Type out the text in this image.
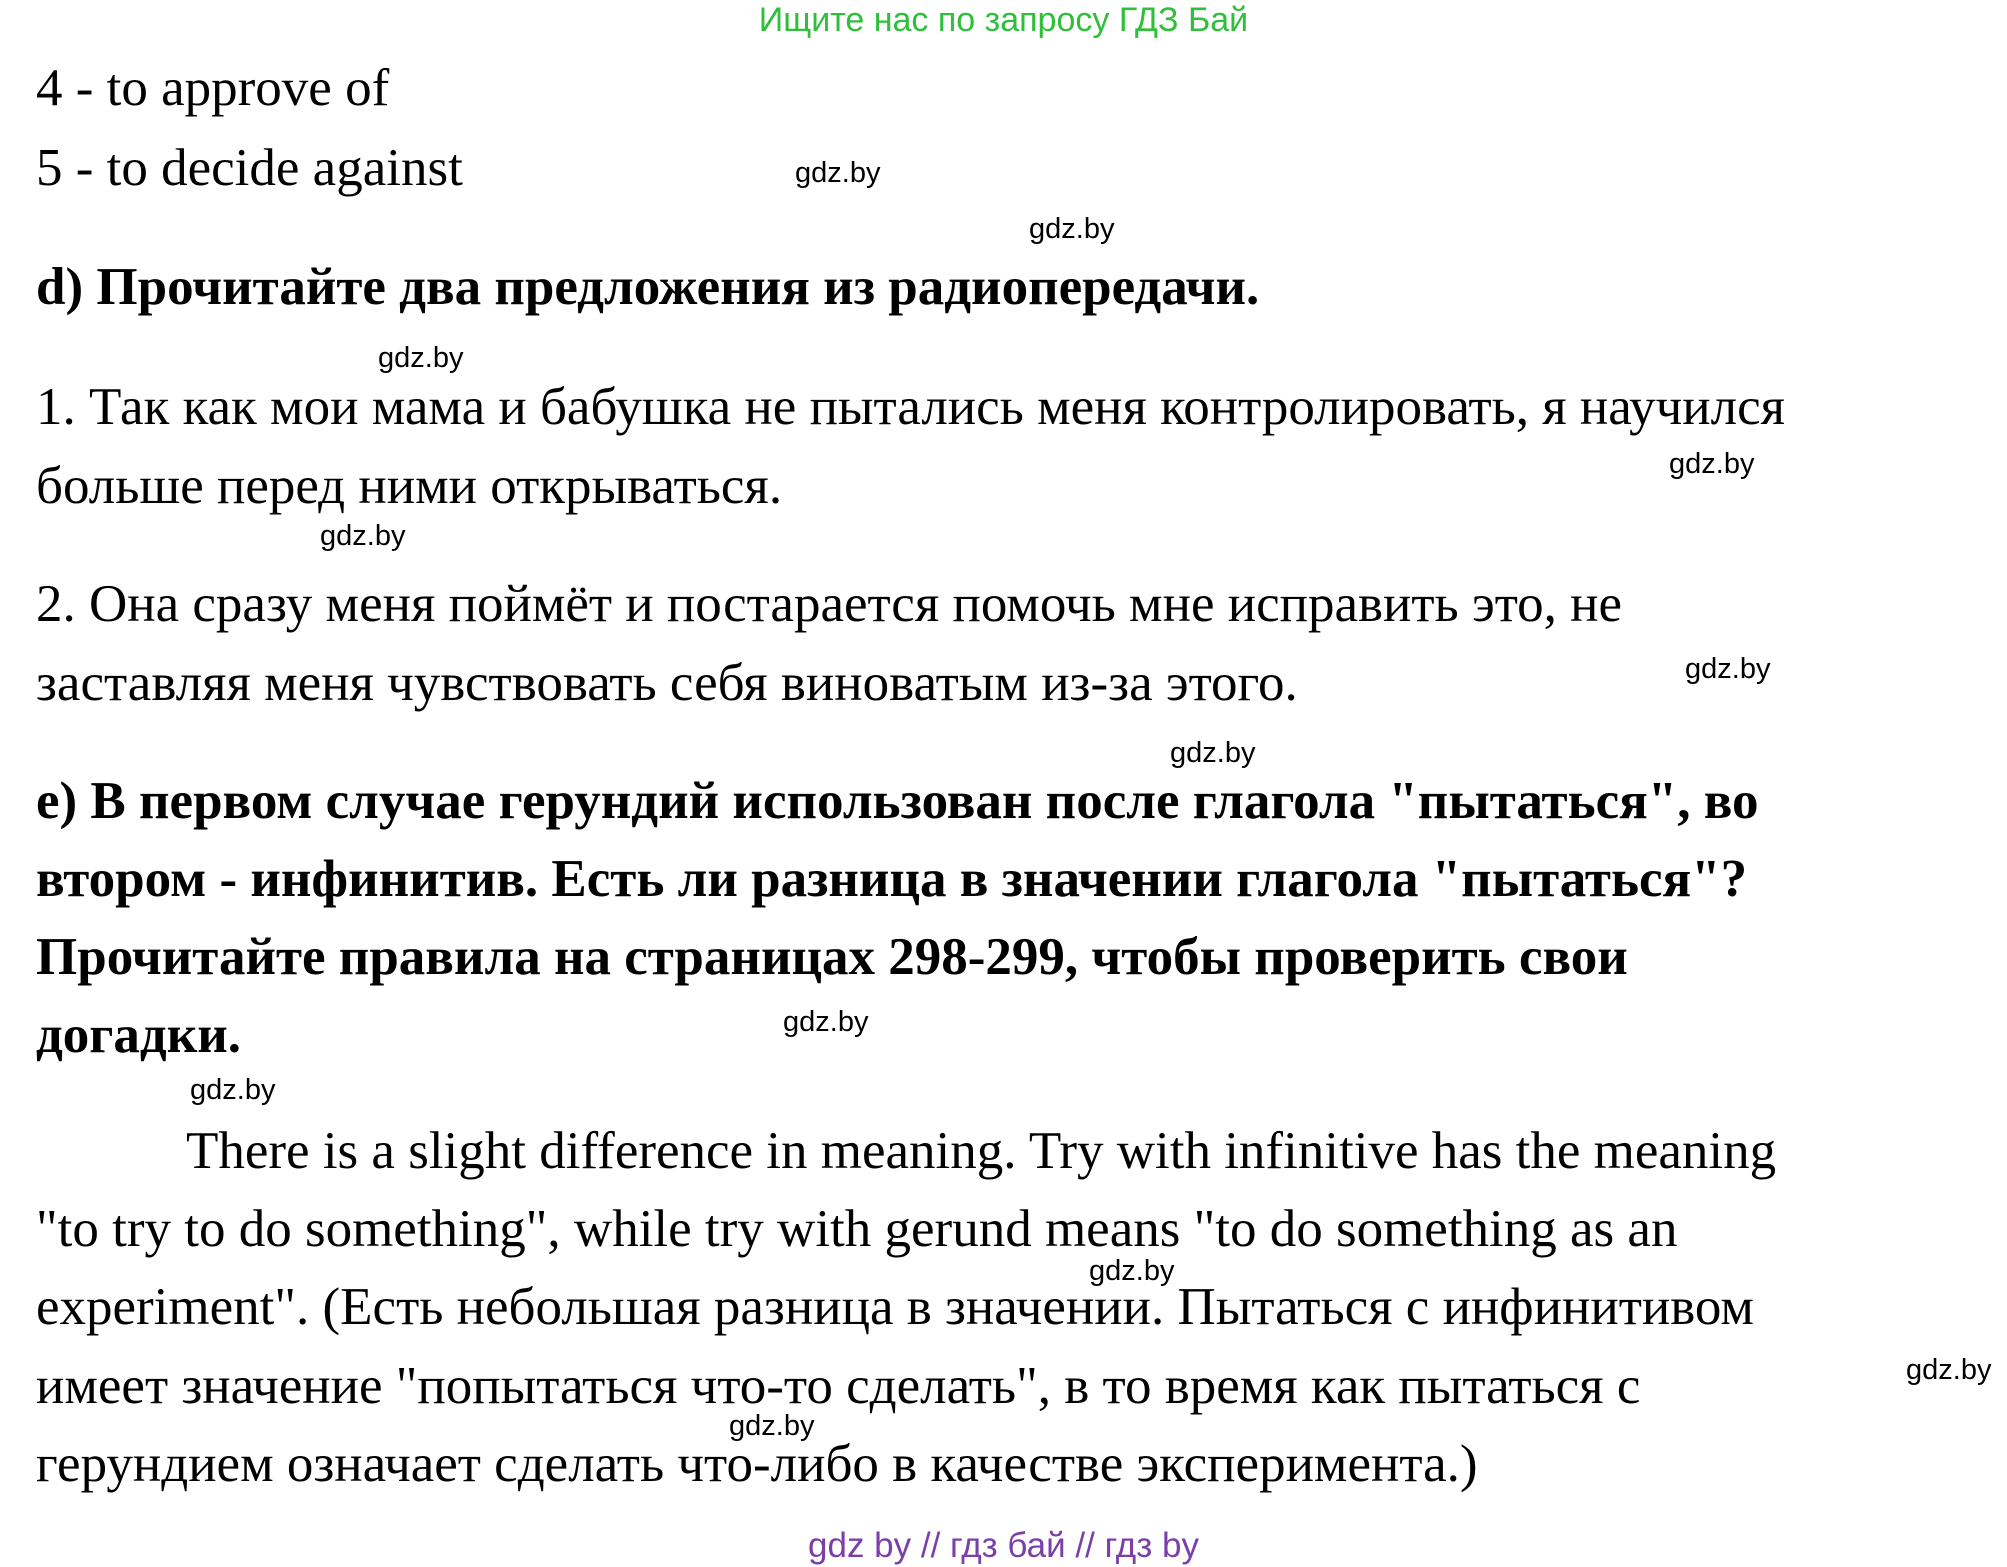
Ищите нас по запросу ГДЗ Бай
4 - to approve of
5 - to decide against
d) Прочитайте два предложения из радиопередачи.
1. Так как мои мама и бабушка не пытались меня контролировать, я научился
больше перед ними открываться.
2. Она сразу меня поймёт и постарается помочь мне исправить это, не
заставляя меня чувствовать себя виноватым из-за этого.
e) В первом случае герундий использован после глагола "пытаться", во
втором - инфинитив. Есть ли разница в значении глагола "пытаться"?
Прочитайте правила на страницах 298-299, чтобы проверить свои
догадки.
There is a slight difference in meaning. Try with infinitive has the meaning
"to try to do something", while try with gerund means "to do something as an
experiment". (Есть небольшая разница в значении. Пытаться с инфинитивом
имеет значение "попытаться что-то сделать", в то время как пытаться с
герундием означает сделать что-либо в качестве эксперимента.)
gdz.by
gdz.by
gdz.by
gdz.by
gdz.by
gdz.by
gdz.by
gdz.by
gdz.by
gdz.by
gdz.by
gdz.by
gdz by // гдз бай // гдз by
